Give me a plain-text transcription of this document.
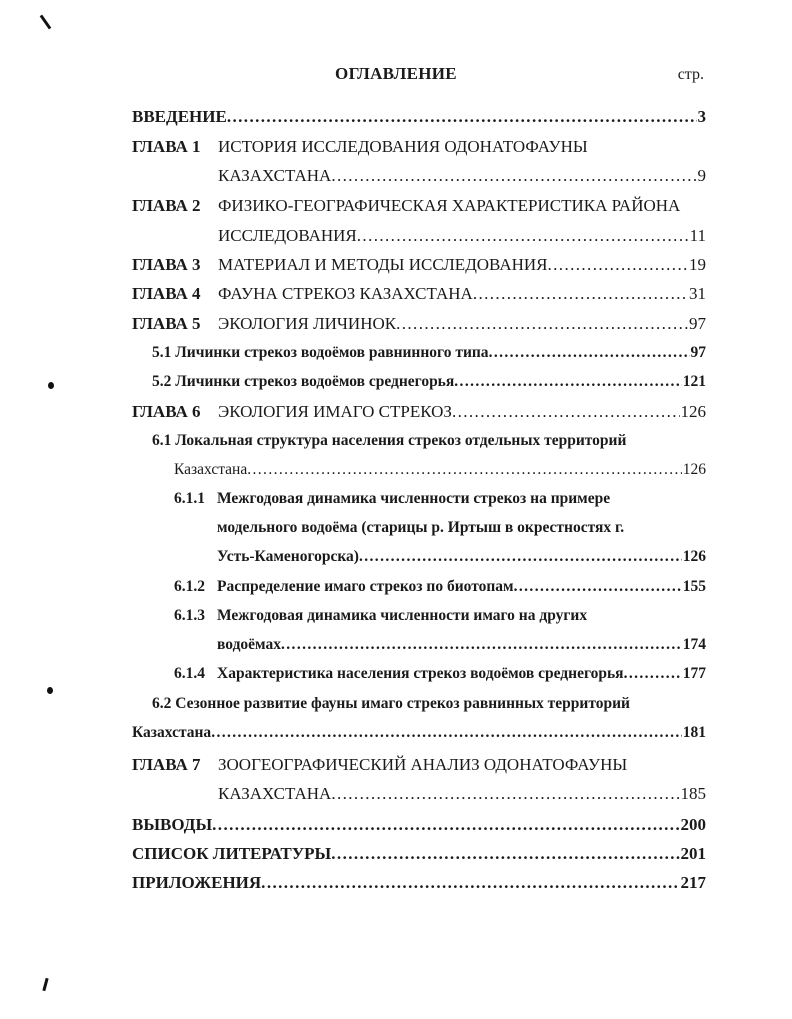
ОГЛАВЛЕНИЕ	стр.
ВВЕДЕНИЕ .....	3
ГЛАВА 1	ИСТОРИЯ ИССЛЕДОВАНИЯ ОДОНАТОФАУНЫ
КАЗАХСТАНА .....	9
ГЛАВА 2	ФИЗИКО-ГЕОГРАФИЧЕСКАЯ ХАРАКТЕРИСТИКА РАЙОНА
ИССЛЕДОВАНИЯ .....	11
ГЛАВА 3	МАТЕРИАЛ И МЕТОДЫ ИССЛЕДОВАНИЯ .....	19
ГЛАВА 4	ФАУНА СТРЕКОЗ КАЗАХСТАНА .....	31
ГЛАВА 5	ЭКОЛОГИЯ ЛИЧИНОК .....	97
5.1 Личинки стрекоз водоёмов равнинного типа .....	97
5.2 Личинки стрекоз водоёмов среднегорья .....	121
ГЛАВА 6	ЭКОЛОГИЯ ИМАГО СТРЕКОЗ .....	126
6.1 Локальная структура населения стрекоз отдельных территорий
Казахстана .....	126
6.1.1 Межгодовая динамика численности стрекоз на примере
модельного водоёма (старицы р. Иртыш в окрестностях г.
Усть-Каменогорска) .....	126
6.1.2 Распределение имаго стрекоз по биотопам .....	155
6.1.3 Межгодовая динамика численности имаго на других
водоёмах .....	174
6.1.4 Характеристика населения стрекоз водоёмов среднегорья .....	177
6.2 Сезонное развитие фауны имаго стрекоз равнинных территорий
Казахстана .....	181
ГЛАВА 7	ЗООГЕОГРАФИЧЕСКИЙ АНАЛИЗ ОДОНАТОФАУНЫ
КАЗАХСТАНА .....	185
ВЫВОДЫ .....	200
СПИСОК ЛИТЕРАТУРЫ .....	201
ПРИЛОЖЕНИЯ .....	217
